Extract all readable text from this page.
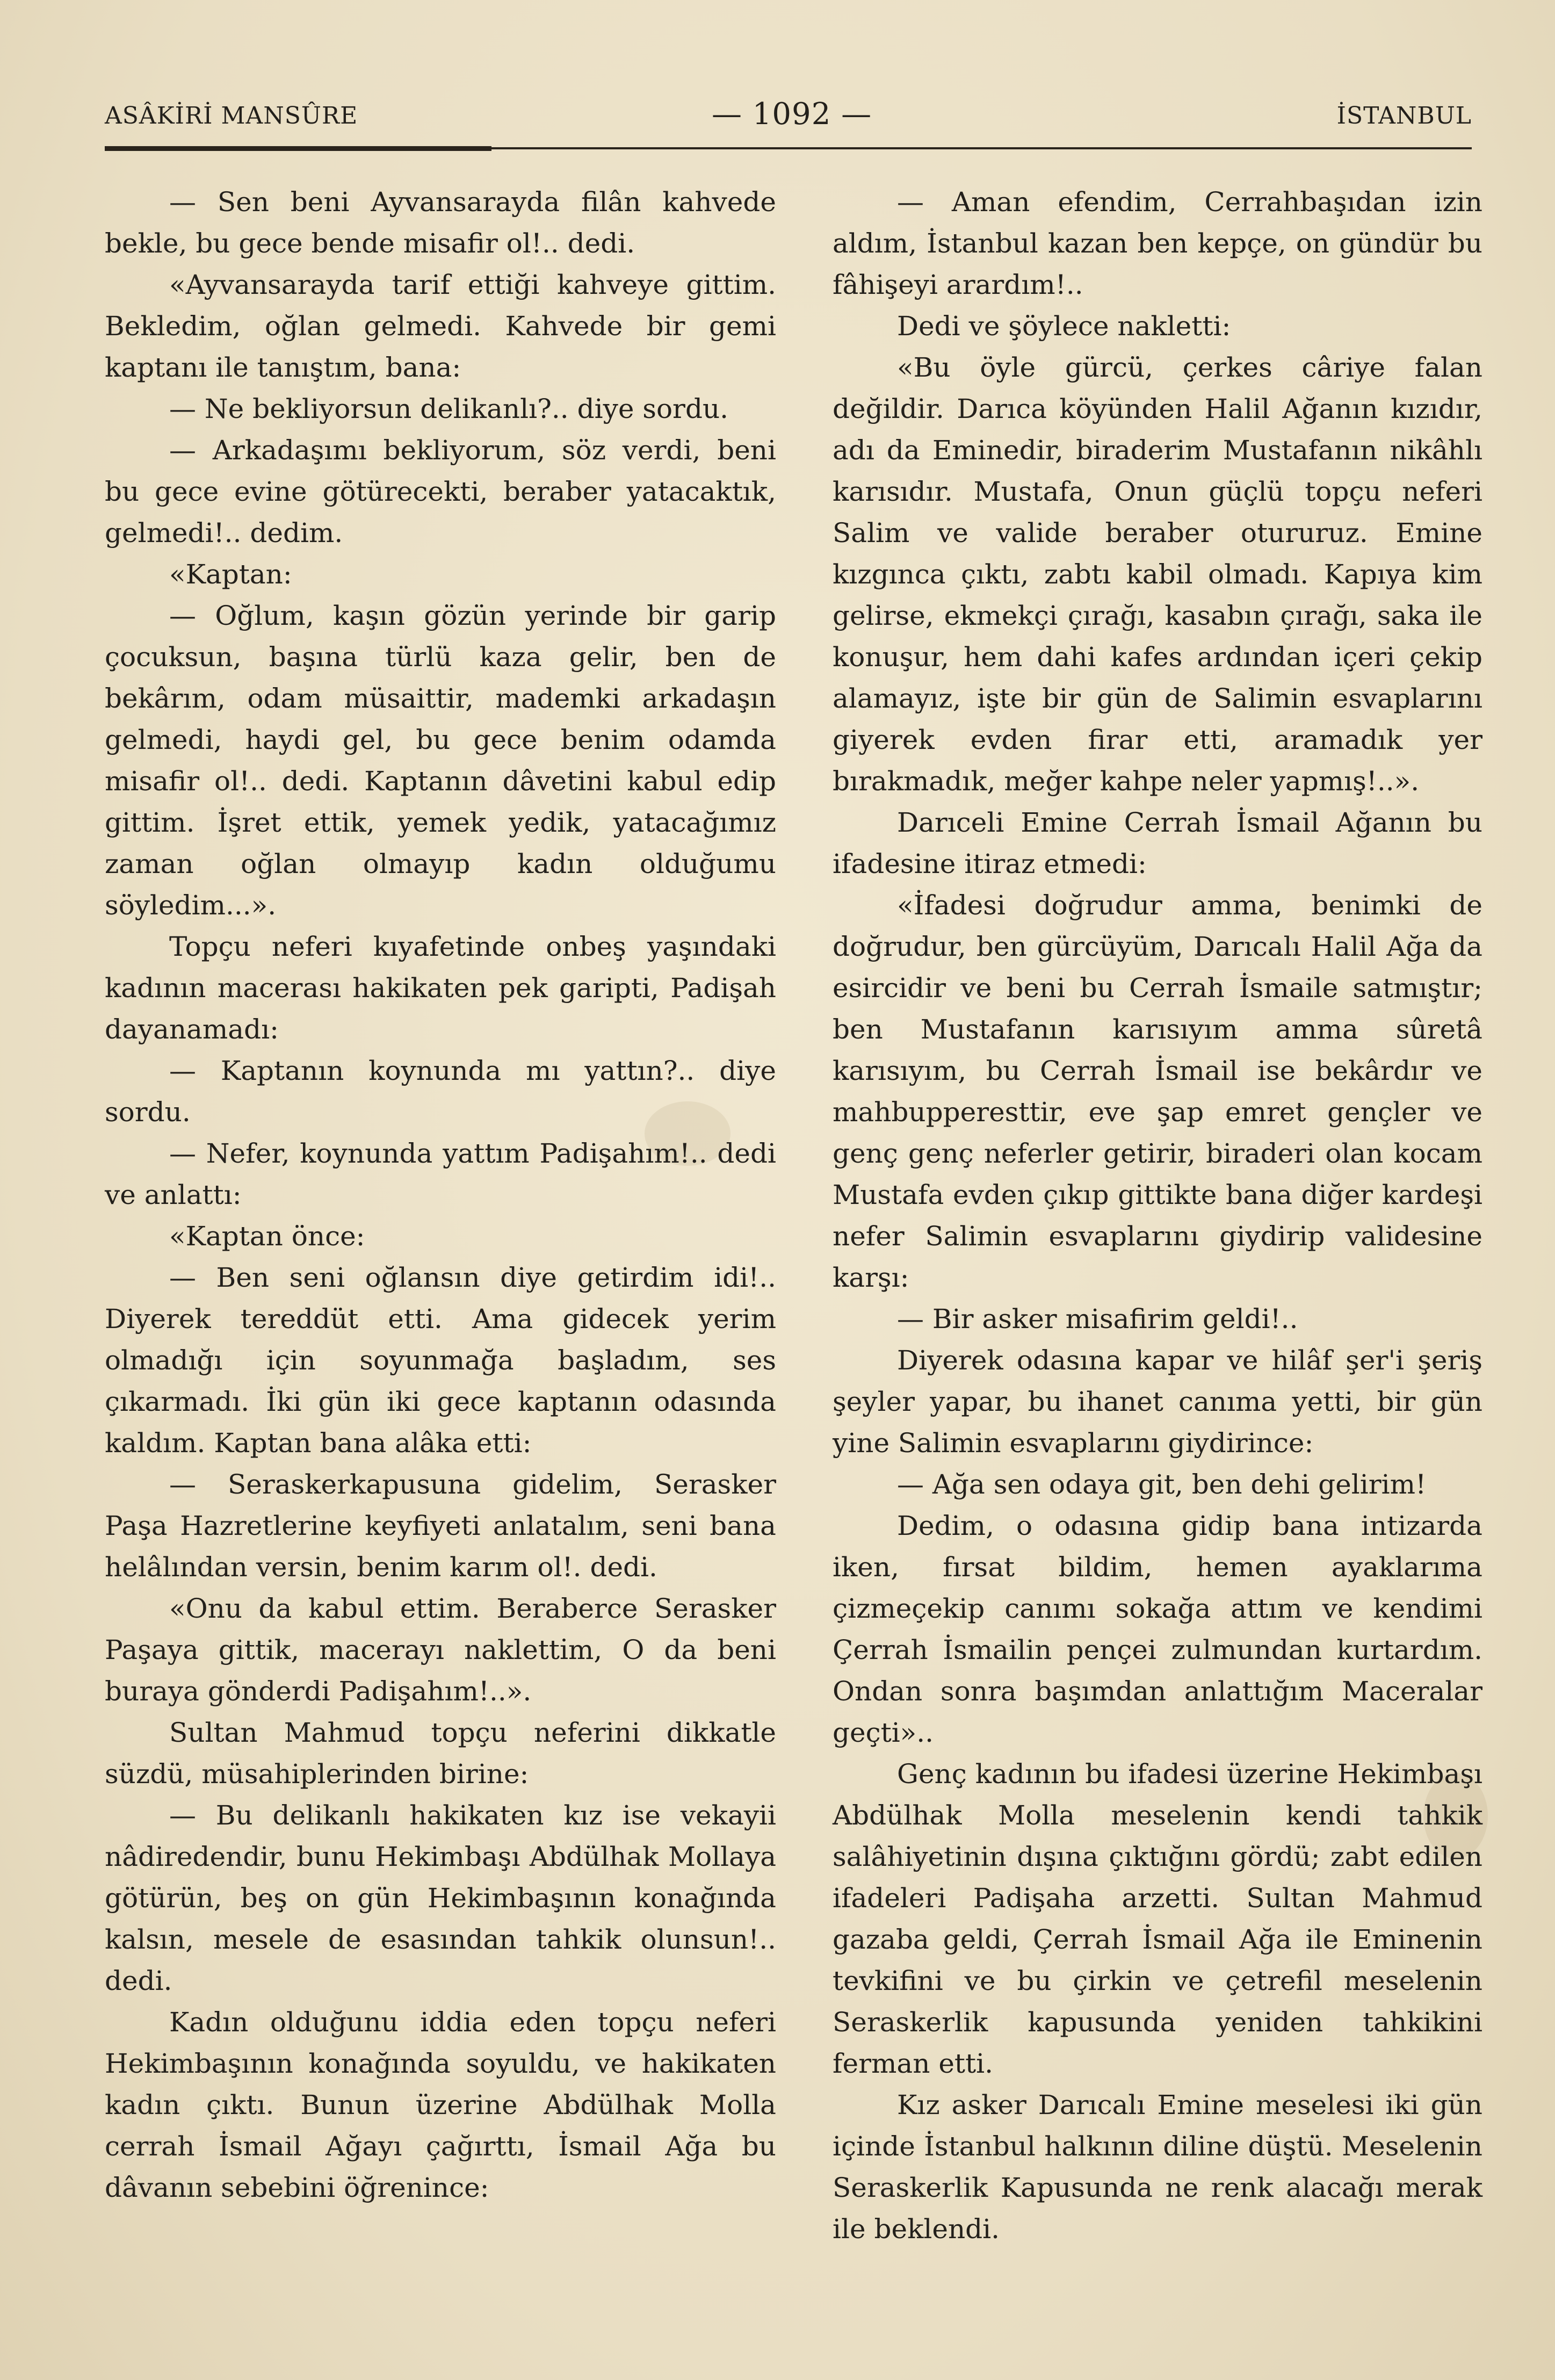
ASÂKİRİ MANSÛRE	— 1092 —	İSTANBUL

— Sen beni Ayvansarayda filân kahvede bekle, bu gece bende misafir ol!.. dedi.

«Ayvansarayda tarif ettiği kahveye gittim. Bekledim, oğlan gelmedi. Kahvede bir gemi kaptanı ile tanıştım, bana:

— Ne bekliyorsun delikanlı?.. diye sordu.

— Arkadaşımı bekliyorum, söz verdi, beni bu gece evine götürecekti, beraber yatacaktık, gelmedi!.. dedim.

«Kaptan:

— Oğlum, kaşın gözün yerinde bir garip çocuksun, başına türlü kaza gelir, ben de bekârım, odam müsaittir, mademki arkadaşın gelmedi, haydi gel, bu gece benim odamda misafir ol!.. dedi. Kaptanın dâvetini kabul edip gittim. İşret ettik, yemek yedik, yatacağımız zaman oğlan olmayıp kadın olduğumu söyledim...».

Topçu neferi kıyafetinde onbeş yaşındaki kadının macerası hakikaten pek garipti, Padişah dayanamadı:

— Kaptanın koynunda mı yattın?.. diye sordu.

— Nefer, koynunda yattım Padişahım!.. dedi ve anlattı:

«Kaptan önce:

— Ben seni oğlansın diye getirdim idi!.. Diyerek tereddüt etti. Ama gidecek yerim olmadığı için soyunmağa başladım, ses çıkarmadı. İki gün iki gece kaptanın odasında kaldım. Kaptan bana alâka etti:

— Seraskerkapusuna gidelim, Serasker Paşa Hazretlerine keyfiyeti anlatalım, seni bana helâlından versin, benim karım ol!. dedi.

«Onu da kabul ettim. Beraberce Serasker Paşaya gittik, macerayı nakletti̇m, O da beni buraya gönderdi Padişahım!..».

Sultan Mahmud topçu neferini dikkatle süzdü, müsahiplerinden birine:

— Bu delikanlı hakikaten kız ise vekayii nâdiredendir, bunu Hekimbaşı Abdülhak Mollaya götürün, beş on gün Hekimbaşının konağında kalsın, mesele de esasından tahkik olunsun!.. dedi.

Kadın olduğunu iddia eden topçu neferi Hekimbaşının konağında soyuldu, ve hakikaten kadın çıktı. Bunun üzerine Abdülhak Molla cerrah İsmail Ağayı çağırttı, İsmail Ağa bu dâvanın sebebini öğrenince:

— Aman efendim, Cerrahbaşıdan izin aldım, İstanbul kazan ben kepçe, on gündür bu fâhişeyi arardım!..

Dedi ve şöylece nakletti:

«Bu öyle gürcü, çerkes câriye falan değildir. Darıca köyünden Halil Ağanın kızıdır, adı da Eminedir, biraderim Mustafanın nikâhlı karısıdır. Mustafa, Onun güçlü topçu neferi Salim ve valide beraber otururuz. Emine kızgınca çıktı, zabtı kabil olmadı. Kapıya kim gelirse, ekmekçi çırağı, kasabın çırağı, saka ile konuşur, hem dahi kafes ardından içeri çekip alamayız, işte bir gün de Salimin esvaplarını giyerek evden firar etti, aramadık yer bırakmadık, meğer kahpe neler yapmış!..».

Darıceli Emine Cerrah İsmail Ağanın bu ifadesine itiraz etmedi:

«İfadesi doğrudur amma, benimki de doğrudur, ben gürcüyüm, Darıcalı Halil Ağa da esircidir ve beni bu Cerrah İsmaile satmıştır; ben Mustafanın karısıyım amma sûretâ karısıyım, bu Cerrah İsmail ise bekârdır ve mahbupperesttir, eve şap emret gençler ve genç genç neferler getirir, biraderi olan kocam Mustafa evden çıkıp gittikte bana diğer kardeşi nefer Salimin esvaplarını giydirip validesine karşı:

— Bir asker misafirim geldi!..

Diyerek odasına kapar ve hilâf şer'i şeriş şeyler yapar, bu ihanet canıma yetti, bir gün yine Salimin esvaplarını giydirince:

— Ağa sen odaya git, ben dehi gelirim!

Dedim, o odasına gidip bana intizarda iken, fırsat bildim, hemen ayaklarıma çizmeçekip canımı sokağa attım ve kendimi Çerrah İsmailin pençei zulmundan kurtardım. Ondan sonra başımdan anlattığım Maceralar geçti»..

Genç kadının bu ifadesi üzerine Hekimbaşı Abdülhak Molla meselenin kendi tahkik salâhiyetinin dışına çıktığını gördü; zabt edilen ifadeleri Padişaha arzetti. Sultan Mahmud gazaba geldi, Çerrah İsmail Ağa ile Eminenin tevkifini ve bu çirkin ve çetrefil meselenin Seraskerlik kapusunda yeniden tahkikini ferman etti.

Kız asker Darıcalı Emine meselesi iki gün içinde İstanbul halkının diline düştü. Meselenin Seraskerlik Kapusunda ne renk alacağı merak ile beklendi.
